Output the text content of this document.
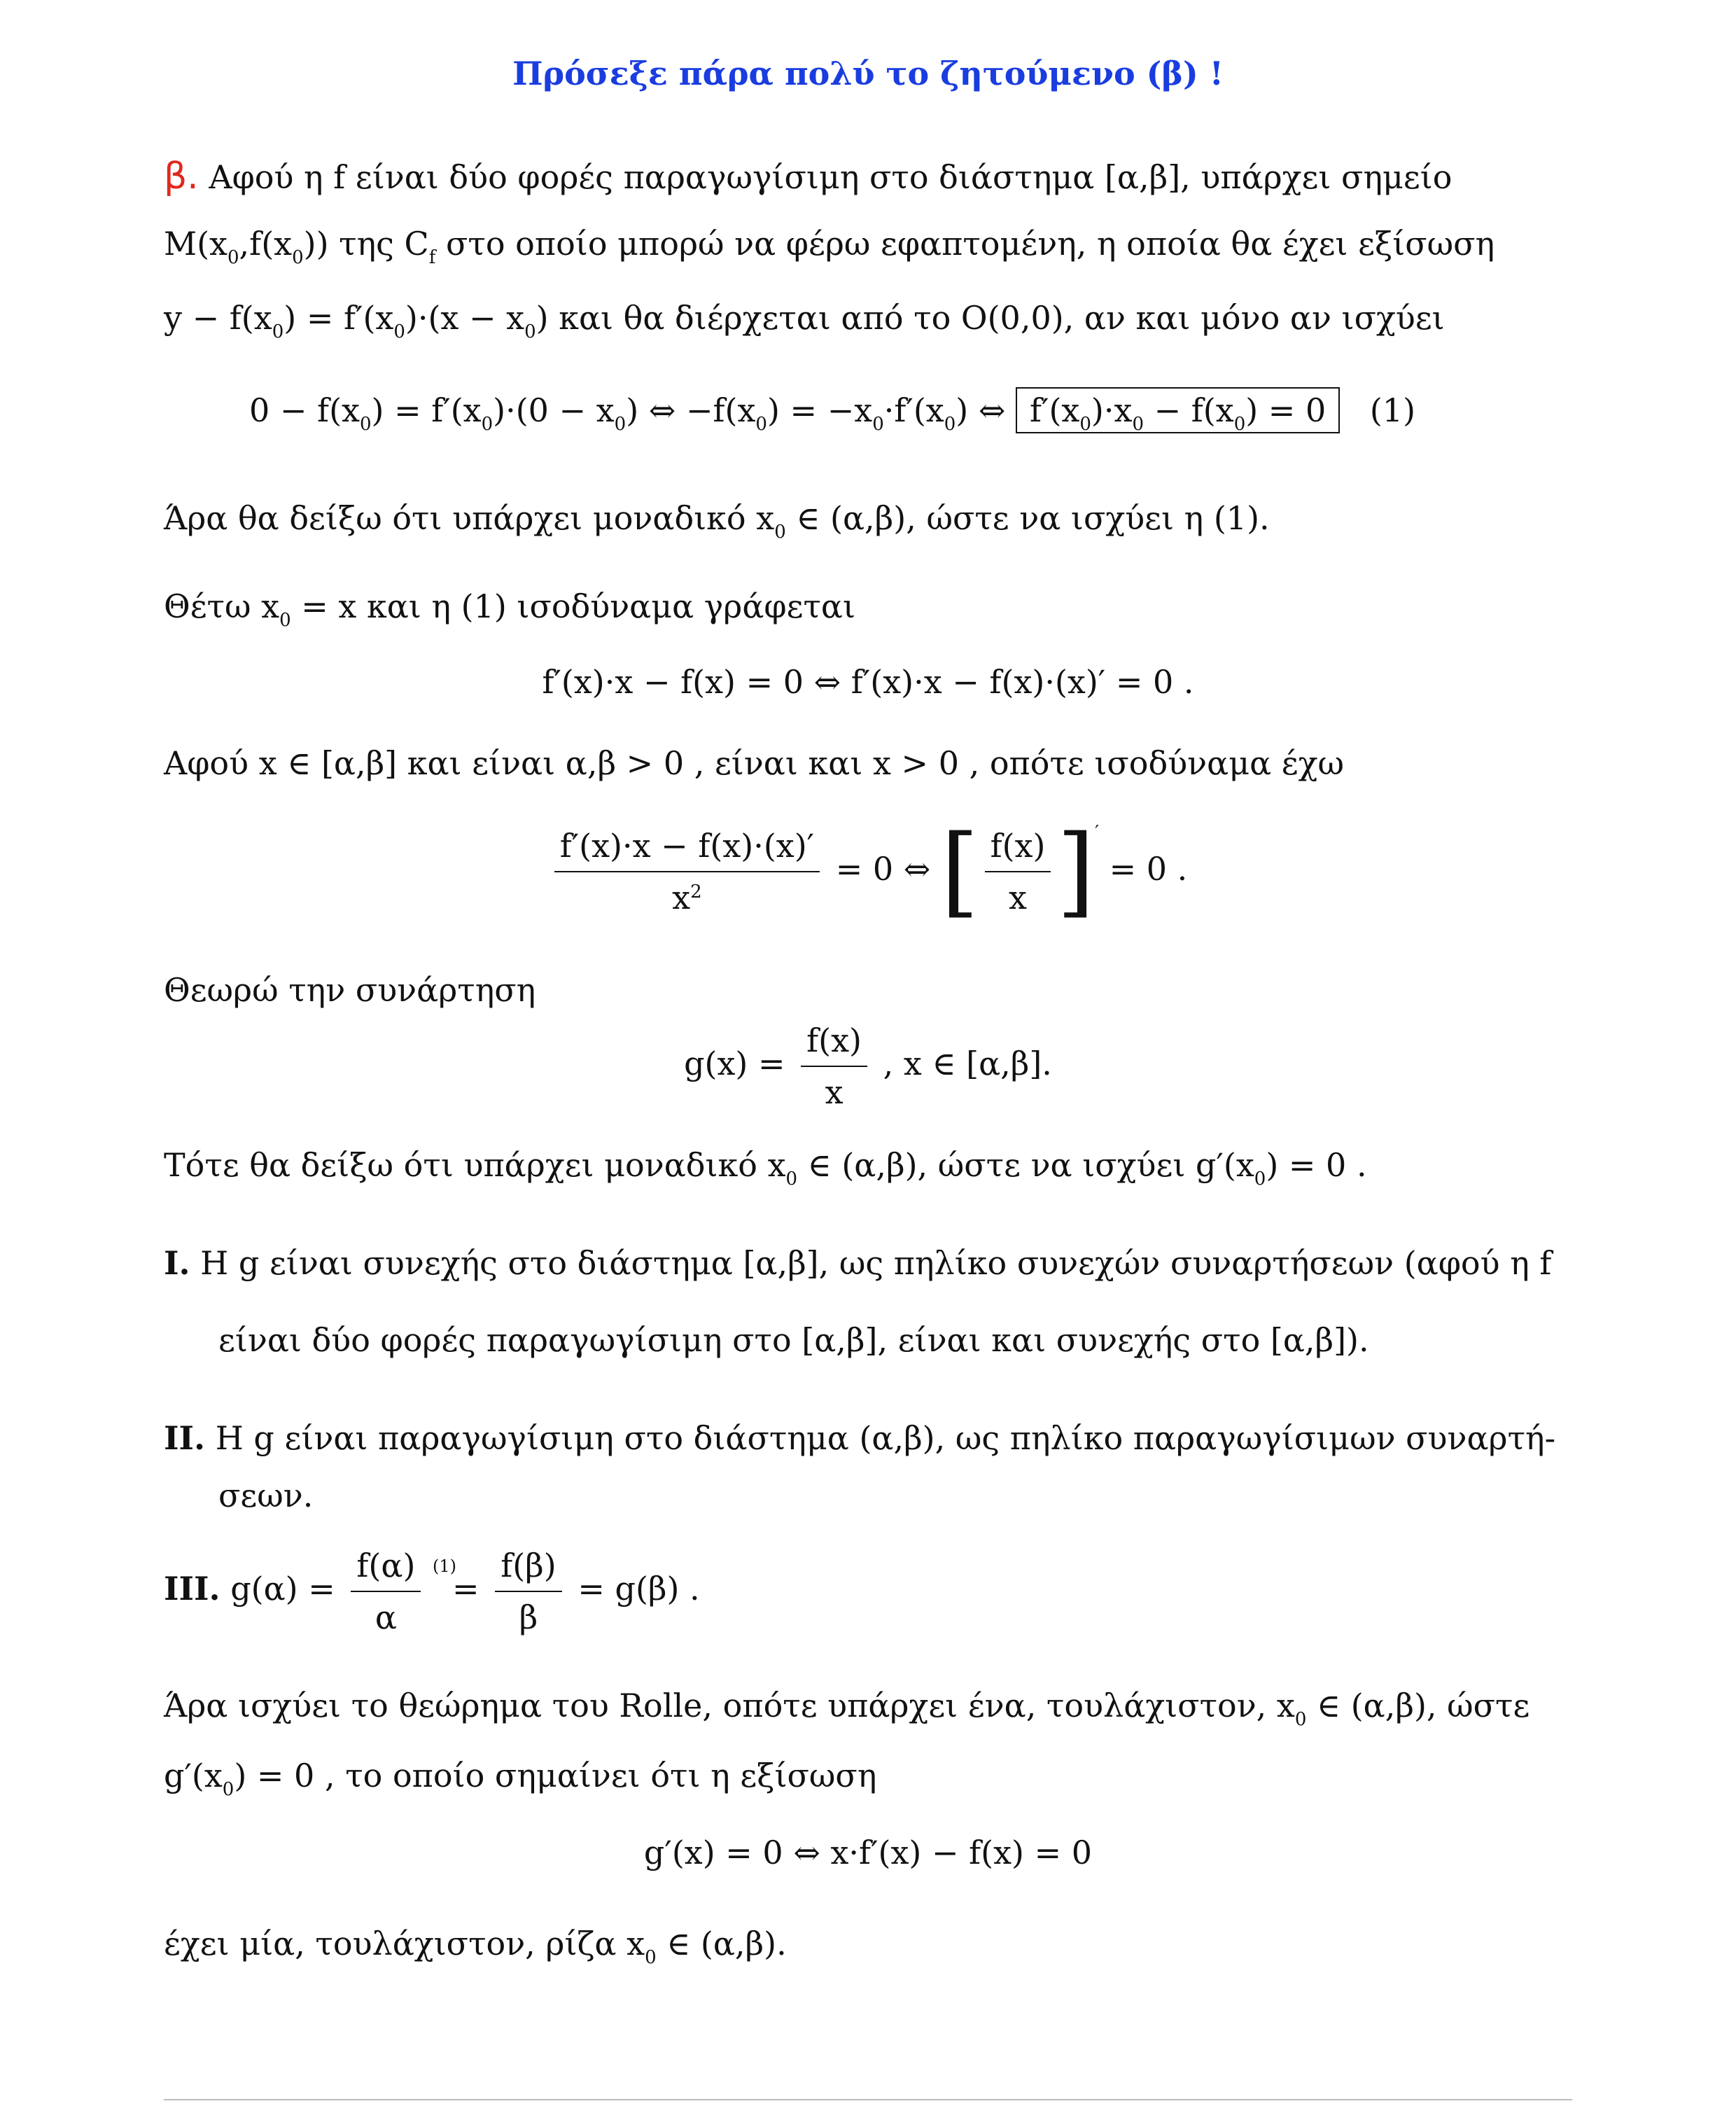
Πρόσεξε πάρα πολύ το ζητούμενο (β) !
β. Αφού η f είναι δύο φορές παραγωγίσιμη στο διάστημα [α,β], υπάρχει σημείο
$M(x_0,f(x_0))$ της $C_f$ στο οποίο μπορώ να φέρω εφαπτομένη, η οποία θα έχει εξίσωση
$y - f(x_0) = f'(x_0)\cdot(x - x_0)$ και θα διέρχεται από το O(0,0), αν και μόνο αν ισχύει
$0 - f(x_0) = f'(x_0)\cdot(0 - x_0)$ ⇔ $-f(x_0) = -x_0\cdot f'(x_0)$ ⇔ $f'(x_0)\cdot x_0 - f(x_0) = 0$ (1)
Άρα θα δείξω ότι υπάρχει μοναδικό $x_0$ ∈ (α,β), ώστε να ισχύει η (1).
Θέτω $x_0 = x$ και η (1) ισοδύναμα γράφεται
f′(x)·x − f(x) = 0 ⇔ f′(x)·x − f(x)·(x)′ = 0 .
Αφού x ∈ [α,β] και είναι α,β > 0 , είναι και x > 0 , οπότε ισοδύναμα έχω
$\frac{f'(x)\cdot x - f(x)\cdot(x)'}{x^2} = 0$ ⇔ [ $\frac{f(x)}{x} ]' = 0$ .
Θεωρώ την συνάρτηση
$g(x) = \frac{f(x)}{x}$ , x ∈ [α,β].
Τότε θα δείξω ότι υπάρχει μοναδικό $x_0$ ∈ (α,β), ώστε να ισχύει $g'(x_0) = 0$ .
I. Η g είναι συνεχής στο διάστημα [α,β], ως πηλίκο συνεχών συναρτήσεων (αφού η f
είναι δύο φορές παραγωγίσιμη στο [α,β], είναι και συνεχής στο [α,β]).
II. Η g είναι παραγωγίσιμη στο διάστημα (α,β), ως πηλίκο παραγωγίσιμων συναρτή-
σεων.
III. $g(\alpha) = \frac{f(\alpha)}{\alpha} ^{(1)}= \frac{f(\beta)}{\beta} = g(\beta)$ .
Άρα ισχύει το θεώρημα του Rolle, οπότε υπάρχει ένα, τουλάχιστον, $x_0$ ∈ (α,β), ώστε
$g'(x_0) = 0$ , το οποίο σημαίνει ότι η εξίσωση
g′(x) = 0 ⇔ x·f′(x) − f(x) = 0
έχει μία, τουλάχιστον, ρίζα $x_0$ ∈ (α,β).
